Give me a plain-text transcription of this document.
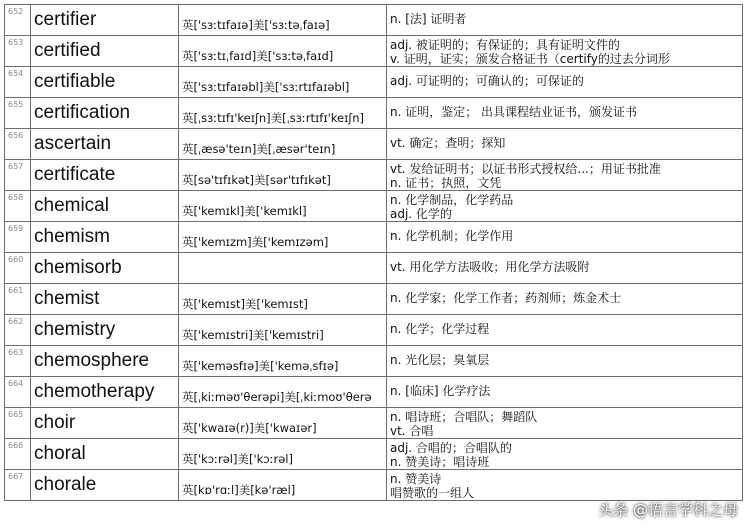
652	certifier	英['sɜːtɪfaɪə]美['sɜːtəˌfaɪə]	n. [法] 证明者

653	certified	英['sɜːtɪˌfaɪd]美['sɜːtəˌfaɪd]	adj. 被证明的；有保证的；具有证明文件的
v. 证明，证实；颁发合格证书（certify的过去分词形

654	certifiable	英['sɜːtɪfaɪəbl]美['sɜːrtɪfaɪəbl]	adj. 可证明的；可确认的；可保证的

655	certification	英[ˌsɜːtɪfɪ'keɪʃn]美[ˌsɜːrtɪfɪ'keɪʃn]	n. 证明，鉴定； 出具课程结业证书，颁发证书

656	ascertain	英[ˌæsə'teɪn]美[ˌæsər'teɪn]	vt. 确定；查明；探知

657	certificate	英[sə'tɪfɪkət]美[sər'tɪfɪkət]	vt. 发给证明书；以证书形式授权给...；用证书批准
n. 证书；执照，文凭

658	chemical	英['kemɪkl]美['kemɪkl]	n. 化学制品，化学药品
adj. 化学的

659	chemism	英['kemɪzm]美['kemɪzəm]	n. 化学机制；化学作用

660	chemisorb		vt. 用化学方法吸收；用化学方法吸附

661	chemist	英['kemɪst]美['kemɪst]	n. 化学家；化学工作者；药剂师；炼金术士

662	chemistry	英['kemɪstri]美['kemɪstri]	n. 化学；化学过程

663	chemosphere	英['keməsfɪə]美['keməˌsfɪə]	n. 光化层；臭氧层

664	chemotherapy	英[ˌkiːməʊ'θerəpi]美[ˌkiːmoʊ'θerə	n. [临床] 化学疗法

665	choir	英['kwaɪə(r)]美['kwaɪər]	n. 唱诗班；合唱队；舞蹈队
vt. 合唱

666	choral	英['kɔːrəl]美['kɔːrəl]	adj. 合唱的；合唱队的
n. 赞美诗；唱诗班

667	chorale	英[kɒ'rɑːl]美[kə'ræl]	n. 赞美诗
唱赞歌的一组人
头条 @语言学科之母
